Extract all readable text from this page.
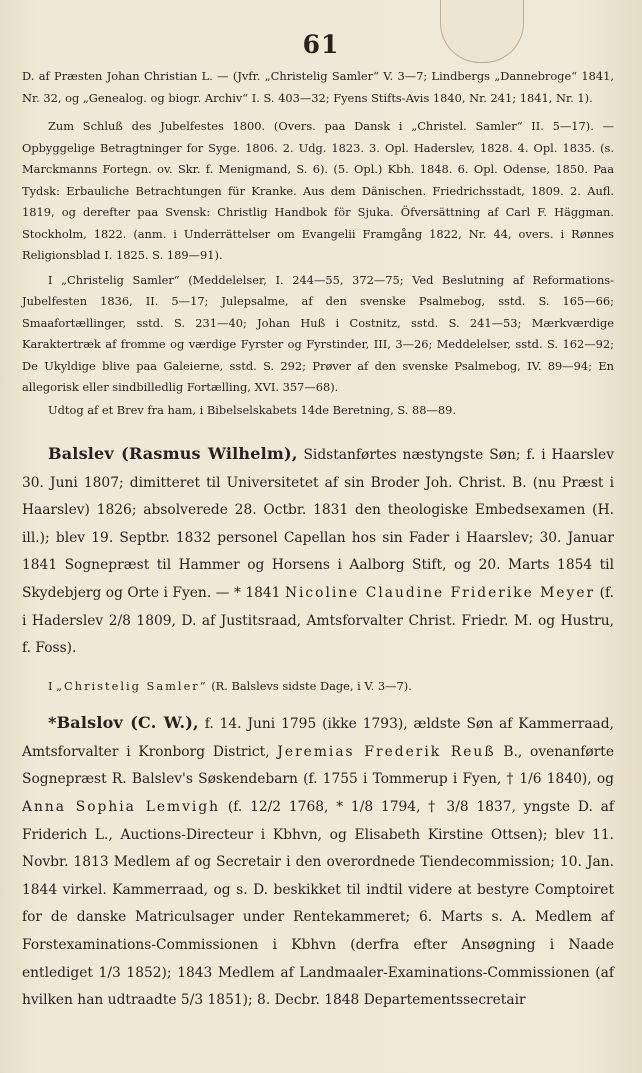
61

D. af Præsten Johan Christian L. — (Jvfr. „Christelig Samler“ V. 3—7; Lindbergs „Dannebroge“ 1841, Nr. 32, og „Genealog. og biogr. Archiv“ I. S. 403—32; Fyens Stifts-Avis 1840, Nr. 241; 1841, Nr. 1).

Zum Schluß des Jubelfestes 1800. (Overs. paa Dansk i „Christel. Samler“ II. 5—17). — Opbyggelige Betragtninger for Syge. 1806. 2. Udg. 1823. 3. Opl. Haderslev, 1828. 4. Opl. 1835. (s. Marckmanns Fortegn. ov. Skr. f. Menigmand, S. 6). (5. Opl.) Kbh. 1848. 6. Opl. Odense, 1850. Paa Tydsk: Erbauliche Betrachtungen für Kranke. Aus dem Dänischen. Friedrichsstadt, 1809. 2. Aufl. 1819, og derefter paa Svensk: Christlig Handbok för Sjuka. Öfversättning af Carl F. Häggman. Stockholm, 1822. (anm. i Underrättelser om Evangelii Framgång 1822, Nr. 44, overs. i Rønnes Religionsblad I. 1825. S. 189—91).

I „Christelig Samler“ (Meddelelser, I. 244—55, 372—75; Ved Beslutning af Reformations-Jubelfesten 1836, II. 5—17; Julepsalme, af den svenske Psalmebog, sstd. S. 165—66; Smaafortællinger, sstd. S. 231—40; Johan Huß i Costnitz, sstd. S. 241—53; Mærkværdige Karaktertræk af fromme og værdige Fyrster og Fyrstinder, III, 3—26; Meddelelser, sstd. S. 162—92; De Ukyldige blive paa Galeierne, sstd. S. 292; Prøver af den svenske Psalmebog, IV. 89—94; En allegorisk eller sindbilledlig Fortælling, XVI. 357—68).

Udtog af et Brev fra ham, i Bibelselskabets 14de Beretning, S. 88—89.

Balslev (Rasmus Wilhelm), Sidstanførtes næstyngste Søn; f. i Haarslev 30. Juni 1807; dimitteret til Universitetet af sin Broder Joh. Christ. B. (nu Præst i Haarslev) 1826; absolverede 28. Octbr. 1831 den theologiske Embedsexamen (H. ill.); blev 19. Septbr. 1832 personel Capellan hos sin Fader i Haarslev; 30. Januar 1841 Sognepræst til Hammer og Horsens i Aalborg Stift, og 20. Marts 1854 til Skydebjerg og Orte i Fyen. — * 1841 Nicoline Claudine Friderike Meyer (f. i Haderslev 2/8 1809, D. af Justitsraad, Amtsforvalter Christ. Friedr. M. og Hustru, f. Foss).

I „Christelig Samler“ (R. Balslevs sidste Dage, i V. 3—7).

*Balslov (C. W.), f. 14. Juni 1795 (ikke 1793), ældste Søn af Kammerraad, Amtsforvalter i Kronborg District, Jeremias Frederik Reuß B., ovenanførte Sognepræst R. Balslev's Søskendebarn (f. 1755 i Tommerup i Fyen, † 1/6 1840), og Anna Sophia Lemvigh (f. 12/2 1768, * 1/8 1794, † 3/8 1837, yngste D. af Friderich L., Auctions-Directeur i Kbhvn, og Elisabeth Kirstine Ottsen); blev 11. Novbr. 1813 Medlem af og Secretair i den overordnede Tiendecommission; 10. Jan. 1844 virkel. Kammerraad, og s. D. beskikket til indtil videre at bestyre Comptoiret for de danske Matriculsager under Rentekammeret; 6. Marts s. A. Medlem af Forstexaminations-Commissionen i Kbhvn (derfra efter Ansøgning i Naade entlediget 1/3 1852); 1843 Medlem af Landmaaler-Examinations-Commissionen (af hvilken han udtraadte 5/3 1851); 8. Decbr. 1848 Departementssecretair
